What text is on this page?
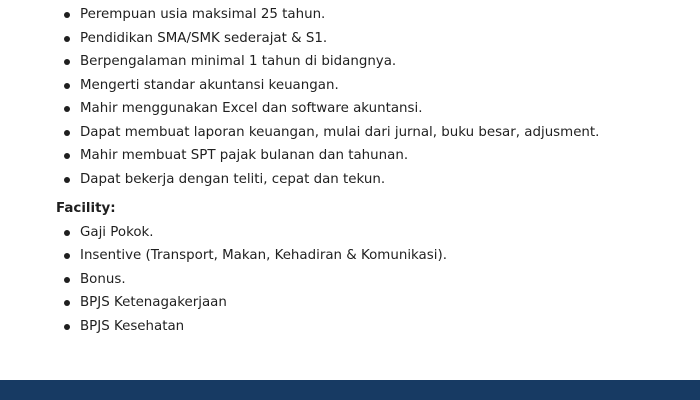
Perempuan usia maksimal 25 tahun.
Pendidikan SMA/SMK sederajat & S1.
Berpengalaman minimal 1 tahun di bidangnya.
Mengerti standar akuntansi keuangan.
Mahir menggunakan Excel dan software akuntansi.
Dapat membuat laporan keuangan, mulai dari jurnal, buku besar, adjusment.
Mahir membuat SPT pajak bulanan dan tahunan.
Dapat bekerja dengan teliti, cepat dan tekun.
Facility:
Gaji Pokok.
Insentive (Transport, Makan, Kehadiran & Komunikasi).
Bonus.
BPJS Ketenagakerjaan
BPJS Kesehatan
